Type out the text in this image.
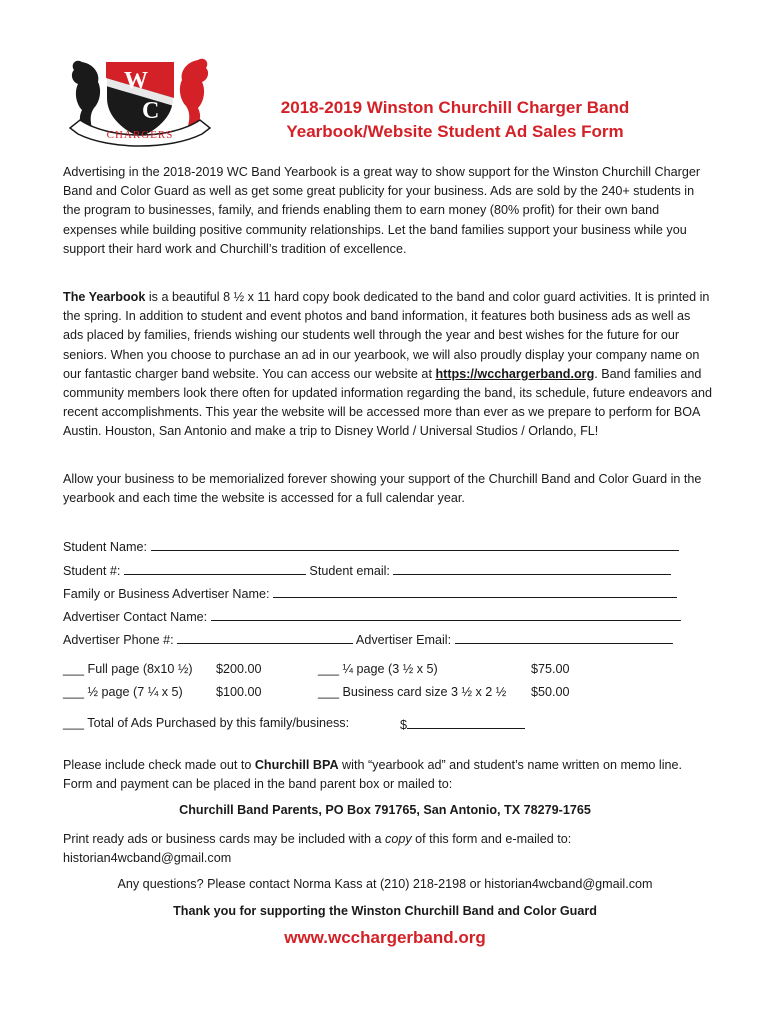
W
C
CHARGERS
2018-2019 Winston Churchill Charger Band
Yearbook/Website Student Ad Sales Form
Advertising in the 2018-2019 WC Band Yearbook is a great way to show support for the Winston Churchill Charger Band and Color Guard as well as get some great publicity for your business. Ads are sold by the 240+ students in the program to businesses, family, and friends enabling them to earn money (80% profit) for their own band expenses while building positive community relationships. Let the band families support your business while you support their hard work and Churchill’s tradition of excellence.
The Yearbook is a beautiful 8 ½ x 11 hard copy book dedicated to the band and color guard activities. It is printed in the spring. In addition to student and event photos and band information, it features both business ads as well as ads placed by families, friends wishing our students well through the year and best wishes for the future for our seniors. When you choose to purchase an ad in our yearbook, we will also proudly display your company name on our fantastic charger band website. You can access our website at https://wcchargerband.org. Band families and community members look there often for updated information regarding the band, its schedule, future endeavors and recent accomplishments. This year the website will be accessed more than ever as we prepare to perform for BOA Austin. Houston, San Antonio and make a trip to Disney World / Universal Studios / Orlando, FL!
Allow your business to be memorialized forever showing your support of the Churchill Band and Color Guard in the yearbook and each time the website is accessed for a full calendar year.
Student Name:
Student #:	Student email:
Family or Business Advertiser Name:
Advertiser Contact Name:
Advertiser Phone #:	Advertiser Email:
___ Full page (8x10 ½) $200.00	___ ¼ page (3 ½ x 5)	$75.00
___ ½ page (7 ¼ x 5)	$100.00	___ Business card size 3 ½ x 2 ½ $50.00
___ Total of Ads Purchased by this family/business:	$
Please include check made out to Churchill BPA with “yearbook ad” and student’s name written on memo line. Form and payment can be placed in the band parent box or mailed to:
Churchill Band Parents, PO Box 791765, San Antonio, TX 78279-1765
Print ready ads or business cards may be included with a copy of this form and e-mailed to:
historian4wcband@gmail.com
Any questions? Please contact Norma Kass at (210) 218-2198 or historian4wcband@gmail.com
Thank you for supporting the Winston Churchill Band and Color Guard
www.wcchargerband.org
